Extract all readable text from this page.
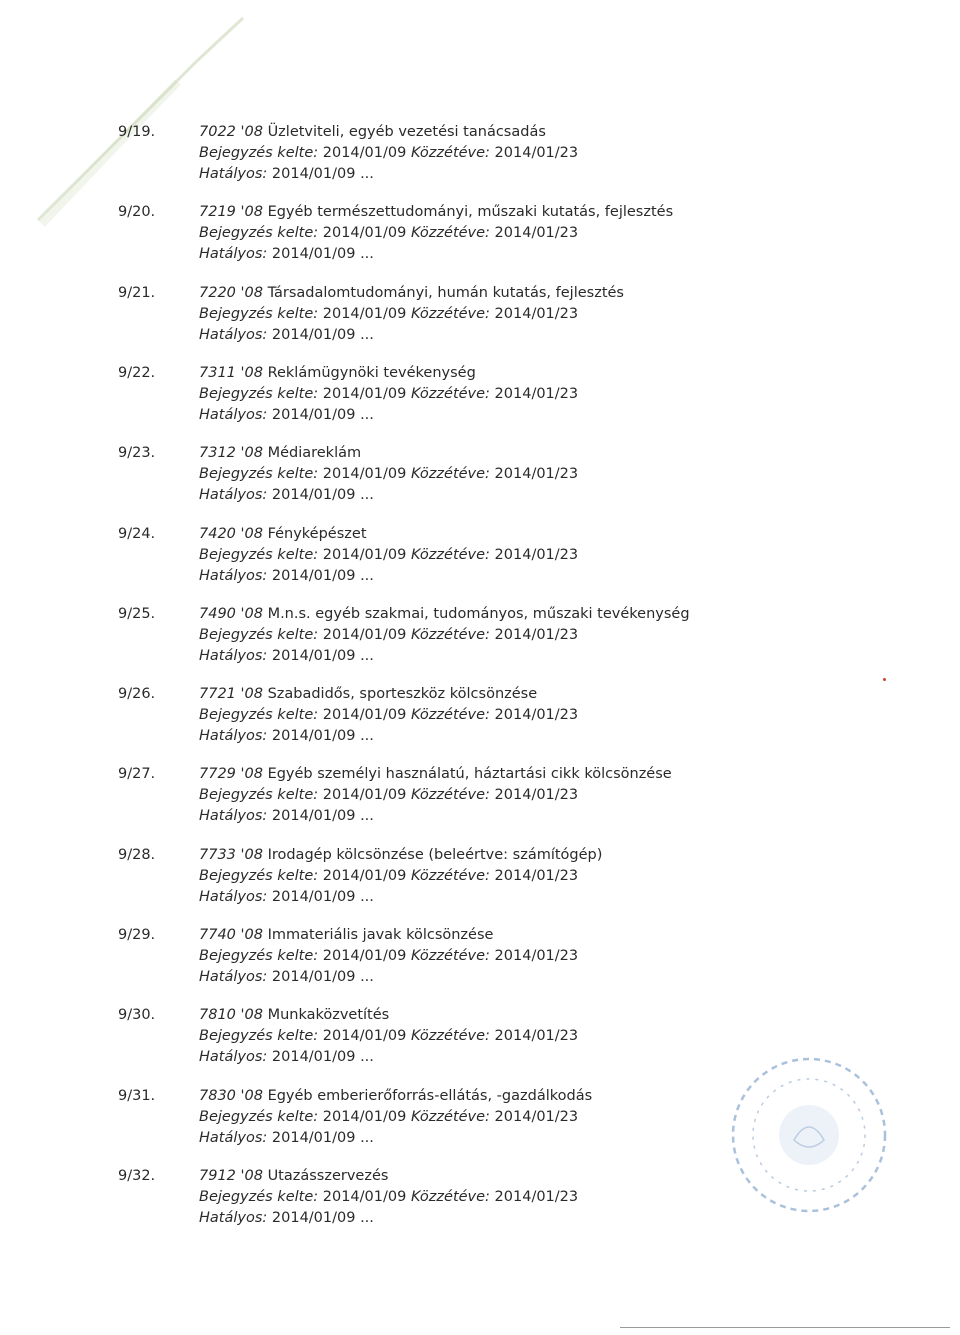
9/19.	7022 '08 Üzletviteli, egyéb vezetési tanácsadás
Bejegyzés kelte: 2014/01/09 Közzétéve: 2014/01/23
Hatályos: 2014/01/09 ...
9/20.	7219 '08 Egyéb természettudományi, műszaki kutatás, fejlesztés
Bejegyzés kelte: 2014/01/09 Közzétéve: 2014/01/23
Hatályos: 2014/01/09 ...
9/21.	7220 '08 Társadalomtudományi, humán kutatás, fejlesztés
Bejegyzés kelte: 2014/01/09 Közzétéve: 2014/01/23
Hatályos: 2014/01/09 ...
9/22.	7311 '08 Reklámügynöki tevékenység
Bejegyzés kelte: 2014/01/09 Közzétéve: 2014/01/23
Hatályos: 2014/01/09 ...
9/23.	7312 '08 Médiareklám
Bejegyzés kelte: 2014/01/09 Közzétéve: 2014/01/23
Hatályos: 2014/01/09 ...
9/24.	7420 '08 Fényképészet
Bejegyzés kelte: 2014/01/09 Közzétéve: 2014/01/23
Hatályos: 2014/01/09 ...
9/25.	7490 '08 M.n.s. egyéb szakmai, tudományos, műszaki tevékenység
Bejegyzés kelte: 2014/01/09 Közzétéve: 2014/01/23
Hatályos: 2014/01/09 ...
9/26.	7721 '08 Szabadidős, sporteszköz kölcsönzése
Bejegyzés kelte: 2014/01/09 Közzétéve: 2014/01/23
Hatályos: 2014/01/09 ...
9/27.	7729 '08 Egyéb személyi használatú, háztartási cikk kölcsönzése
Bejegyzés kelte: 2014/01/09 Közzétéve: 2014/01/23
Hatályos: 2014/01/09 ...
9/28.	7733 '08 Irodagép kölcsönzése (beleértve: számítógép)
Bejegyzés kelte: 2014/01/09 Közzétéve: 2014/01/23
Hatályos: 2014/01/09 ...
9/29.	7740 '08 Immateriális javak kölcsönzése
Bejegyzés kelte: 2014/01/09 Közzétéve: 2014/01/23
Hatályos: 2014/01/09 ...
9/30.	7810 '08 Munkaközvetítés
Bejegyzés kelte: 2014/01/09 Közzétéve: 2014/01/23
Hatályos: 2014/01/09 ...
9/31.	7830 '08 Egyéb emberierőforrás-ellátás, -gazdálkodás
Bejegyzés kelte: 2014/01/09 Közzétéve: 2014/01/23
Hatályos: 2014/01/09 ...
9/32.	7912 '08 Utazásszervezés
Bejegyzés kelte: 2014/01/09 Közzétéve: 2014/01/23
Hatályos: 2014/01/09 ...
